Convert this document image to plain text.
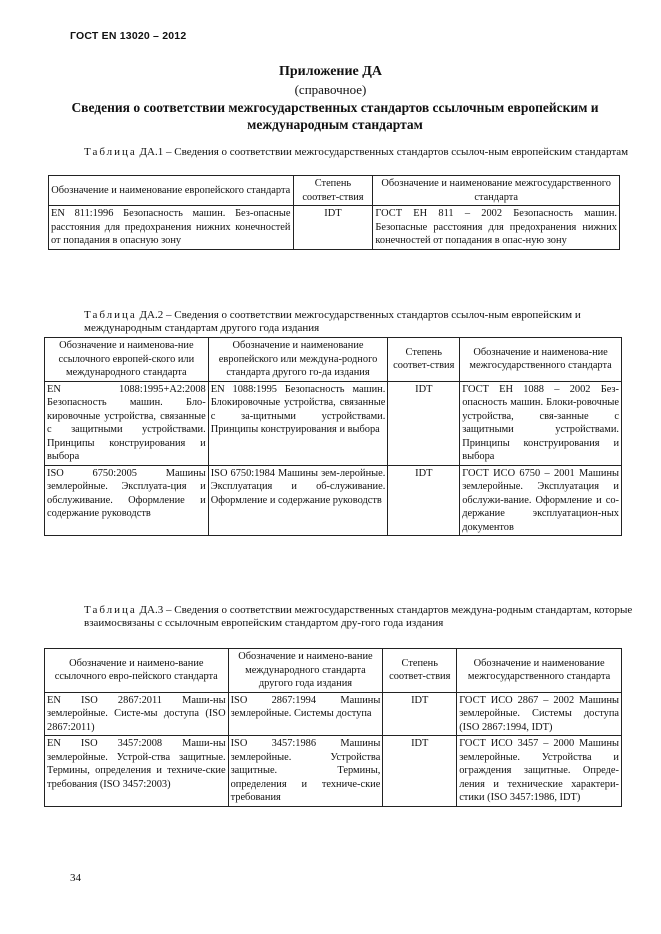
ГОСТ EN 13020 – 2012
Приложение ДА
(справочное)
Сведения о соответствии межгосударственных стандартов ссылочным европейским и международным стандартам
Таблица ДА.1 – Сведения о соответствии межгосударственных стандартов ссылоч-ным европейским стандартам
Обозначение и наименование европейского стандарта	Степень соответ-ствия	Обозначение и наименование межгосударственного стандарта
EN 811:1996 Безопасность машин. Без-опасные расстояния для предохранения нижних конечностей от попадания в опасную зону	IDT	ГОСТ ЕН 811 – 2002 Безопасность машин. Безопасные расстояния для предохранения нижних конечностей от попадания в опас-ную зону
Таблица ДА.2 – Сведения о соответствии межгосударственных стандартов ссылоч-ным европейским и международным стандартам другого года издания
Обозначение и наименова-ние ссылочного европей-ского или международного стандарта	Обозначение и наименование европейского или междуна-родного стандарта другого го-да издания	Степень соответ-ствия	Обозначение и наименова-ние межгосударственного стандарта
EN 1088:1995+A2:2008 Безопасность машин. Бло-кировочные устройства, связанные с защитными устройствами. Принципы конструирования и выбора	EN 1088:1995 Безопасность машин. Блокировочные устройства, связанные с за-щитными устройствами. Принципы конструирования и выбора	IDT	ГОСТ ЕН 1088 – 2002 Без-опасность машин. Блоки-ровочные устройства, свя-занные с защитными устройствами. Принципы конструирования и выбора
ISO 6750:2005 Машины землеройные. Эксплуата-ция и обслуживание. Оформление и содержание руководств	ISO 6750:1984 Машины зем-леройные. Эксплуатация и об-служивание. Оформление и содержание руководств	IDT	ГОСТ ИСО 6750 – 2001 Машины землеройные. Эксплуатация и обслужи-вание. Оформление и со-держание эксплуатацион-ных документов
Таблица ДА.3 – Сведения о соответствии межгосударственных стандартов междуна-родным стандартам, которые взаимосвязаны с ссылочным европейским стандартом дру-гого года издания
Обозначение и наимено-вание ссылочного евро-пейского стандарта	Обозначение и наимено-вание международного стандарта другого года издания	Степень соответ-ствия	Обозначение и наименование межгосударственного стандарта
EN ISO 2867:2011 Маши-ны землеройные. Систе-мы доступа (ISO 2867:2011)	ISO 2867:1994 Машины землеройные. Системы доступа	IDT	ГОСТ ИСО 2867 – 2002 Машины землеройные. Системы доступа (ISO 2867:1994, IDT)
EN ISO 3457:2008 Маши-ны землеройные. Устрой-ства защитные. Термины, определения и техниче-ские требования (ISO 3457:2003)	ISO 3457:1986 Машины землеройные. Устройства защитные. Термины, определения и техниче-ские требования	IDT	ГОСТ ИСО 3457 – 2000 Машины землеройные. Устройства и ограждения защитные. Опреде-ления и технические характери-стики (ISO 3457:1986, IDT)
34
